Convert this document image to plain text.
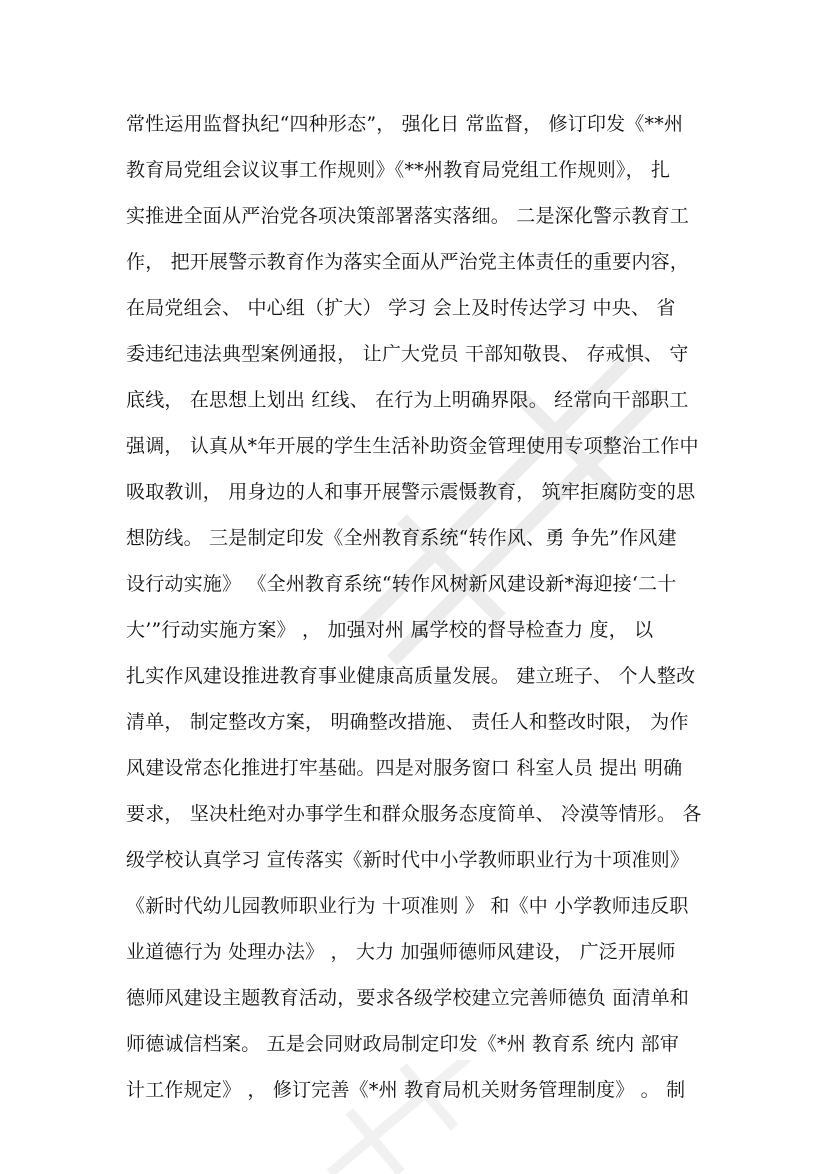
常性运用监督执纪“四种形态”， 强化日 常监督， 修订印发《**州
教育局党组会议议事工作规则》《**州教育局党组工作规则》， 扎
实推进全面从严治党各项决策部署落实落细。 二是深化警示教育工
作， 把开展警示教育作为落实全面从严治党主体责任的重要内容，
在局党组会、 中心组（扩大） 学习 会上及时传达学习 中央、 省
委违纪违法典型案例通报， 让广大党员 干部知敬畏、 存戒惧、 守
底线， 在思想上划出 红线、 在行为上明确界限。 经常向干部职工
强调， 认真从*年开展的学生生活补助资金管理使用专项整治工作中
吸取教训， 用身边的人和事开展警示震慑教育， 筑牢拒腐防变的思
想防线。 三是制定印发《全州教育系统“转作风、勇 争先”作风建
设行动实施》 《全州教育系统“转作风树新风建设新*海迎接‘二十
大’”行动实施方案》 ， 加强对州 属学校的督导检查力 度， 以
扎实作风建设推进教育事业健康高质量发展。 建立班子、 个人整改
清单， 制定整改方案， 明确整改措施、 责任人和整改时限， 为作
风建设常态化推进打牢基础。四是对服务窗口 科室人员 提出 明确
要求， 坚决杜绝对办事学生和群众服务态度简单、 冷漠等情形。 各
级学校认真学习 宣传落实《新时代中小学教师职业行为十项准则》
《新时代幼儿园教师职业行为 十项准则 》 和《中 小学教师违反职
业道德行为 处理办法》 ， 大力 加强师德师风建设， 广泛开展师
德师风建设主题教育活动，要求各级学校建立完善师德负 面清单和
师德诚信档案。 五是会同财政局制定印发《*州 教育系 统内 部审
计工作规定》 ， 修订完善《*州 教育局机关财务管理制度》 。 制
